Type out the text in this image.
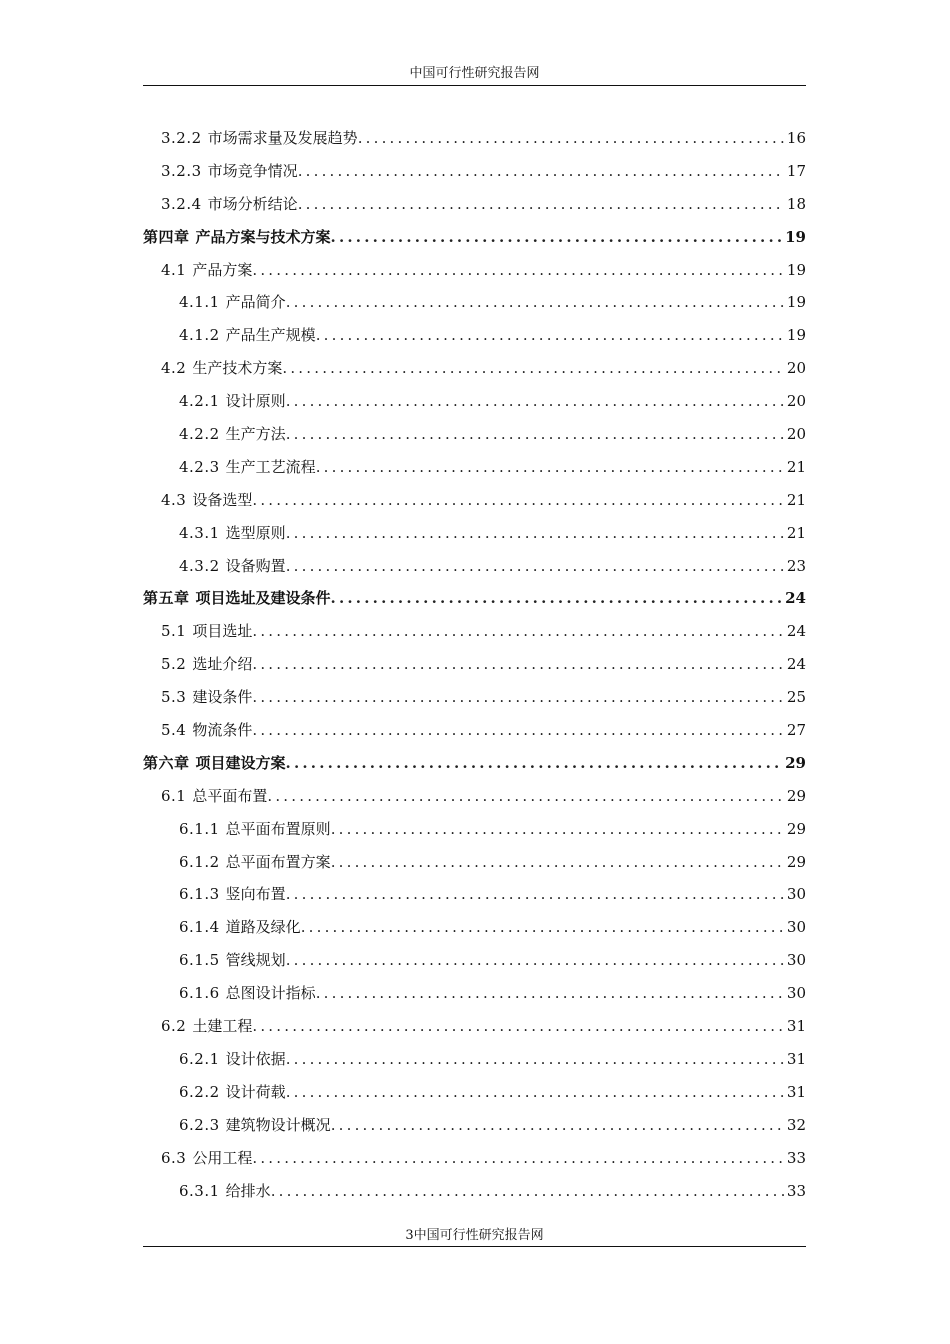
中国可行性研究报告网
3.2.2 市场需求量及发展趋势 .....	16
3.2.3 市场竞争情况 .....	17
3.2.4 市场分析结论 .....	18
第四章 产品方案与技术方案 .....	19
4.1 产品方案 .....	19
4.1.1 产品简介 .....	19
4.1.2 产品生产规模 .....	19
4.2 生产技术方案 .....	20
4.2.1 设计原则 .....	20
4.2.2 生产方法 .....	20
4.2.3 生产工艺流程 .....	21
4.3 设备选型 .....	21
4.3.1 选型原则 .....	21
4.3.2 设备购置 .....	23
第五章 项目选址及建设条件 .....	24
5.1 项目选址 .....	24
5.2 选址介绍 .....	24
5.3 建设条件 .....	25
5.4 物流条件 .....	27
第六章 项目建设方案 .....	29
6.1 总平面布置 .....	29
6.1.1 总平面布置原则 .....	29
6.1.2 总平面布置方案 .....	29
6.1.3 竖向布置 .....	30
6.1.4 道路及绿化 .....	30
6.1.5 管线规划 .....	30
6.1.6 总图设计指标 .....	30
6.2 土建工程 .....	31
6.2.1 设计依据 .....	31
6.2.2 设计荷载 .....	31
6.2.3 建筑物设计概况 .....	32
6.3 公用工程 .....	33
6.3.1 给排水 .....	33
3中国可行性研究报告网
